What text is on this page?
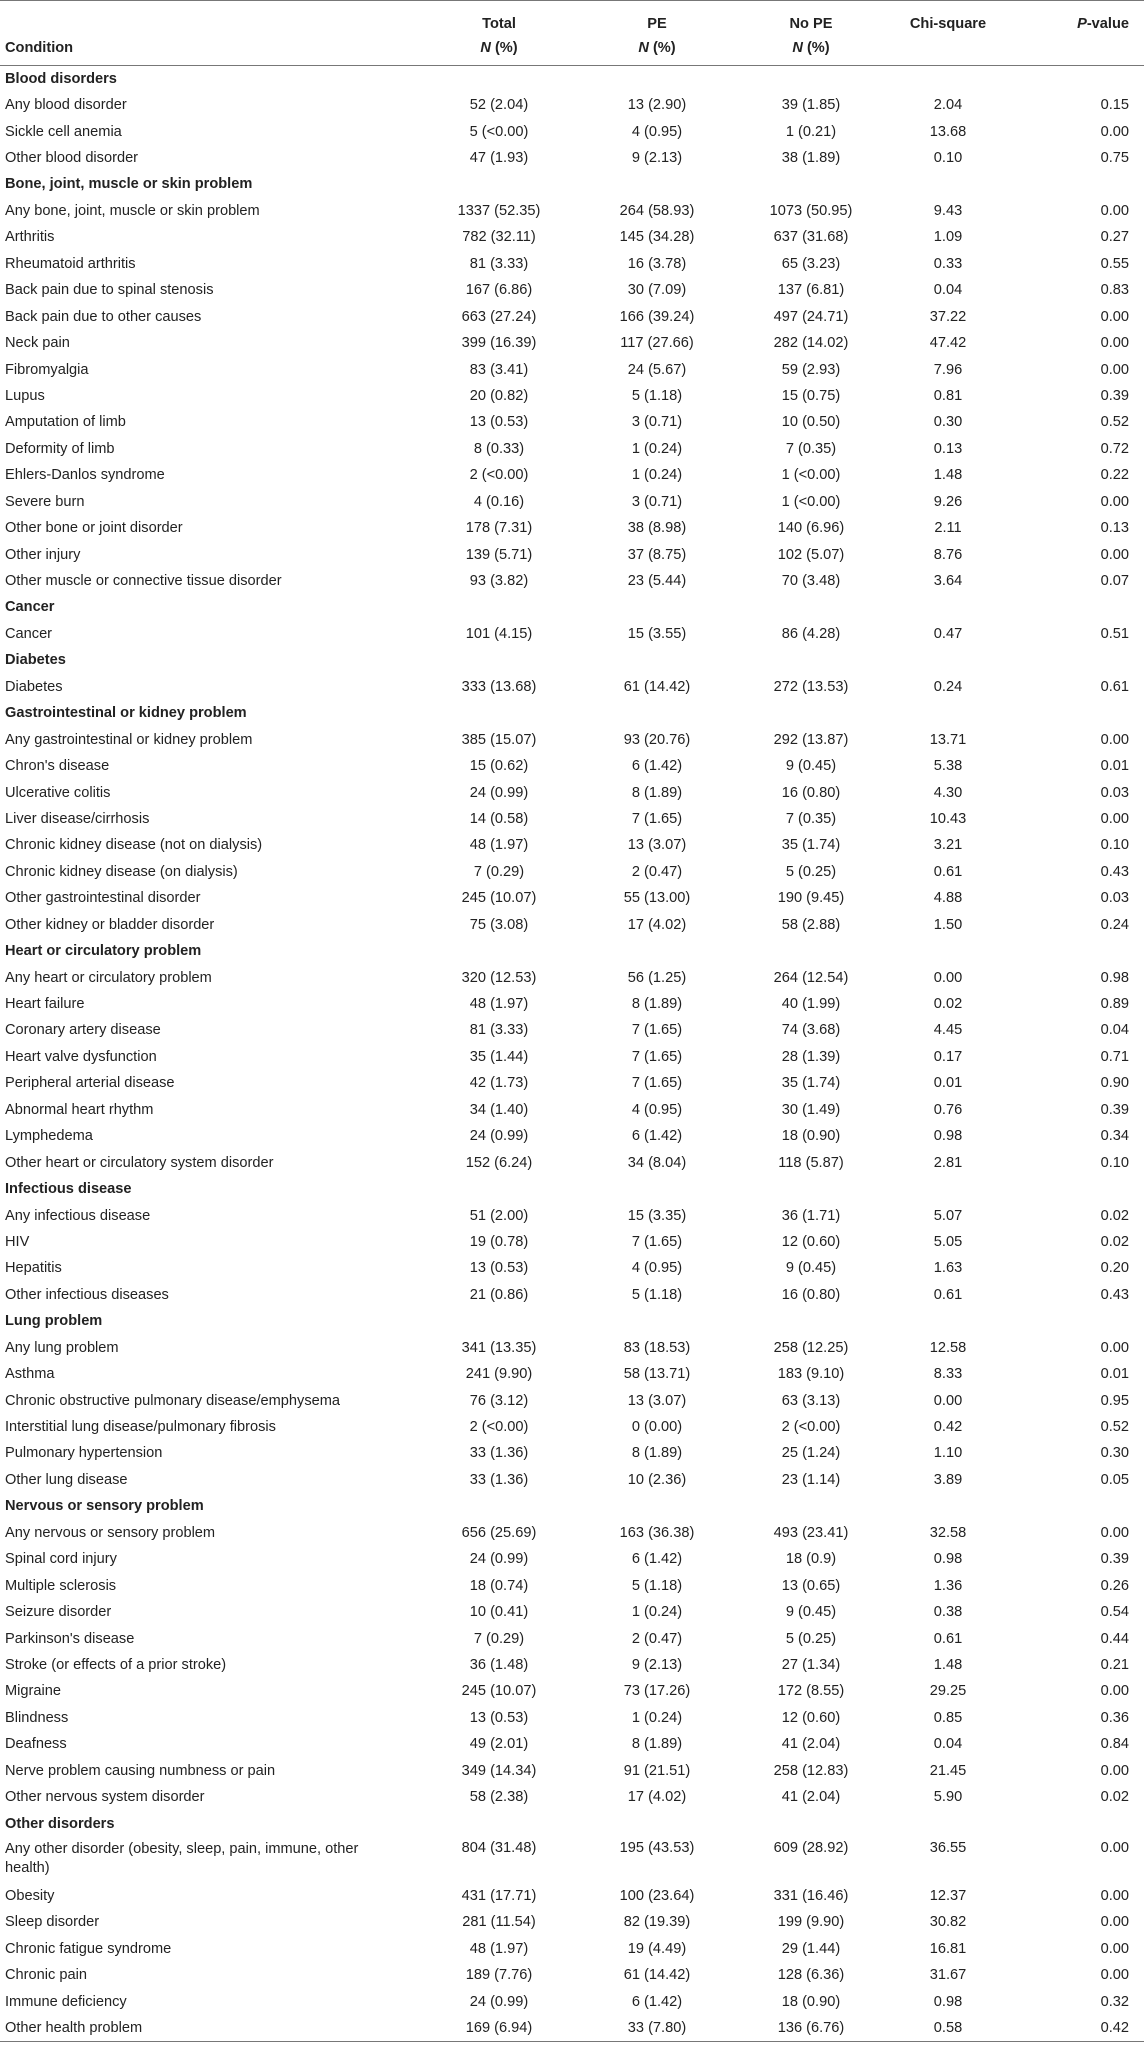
	Total	PE	No PE	Chi-square	P-value
Condition	N (%)	N (%)	N (%)		
Blood disorders					
Any blood disorder	52 (2.04)	13 (2.90)	39 (1.85)	2.04	0.15
Sickle cell anemia	5 (<0.00)	4 (0.95)	1 (0.21)	13.68	0.00
Other blood disorder	47 (1.93)	9 (2.13)	38 (1.89)	0.10	0.75
Bone, joint, muscle or skin problem					
Any bone, joint, muscle or skin problem	1337 (52.35)	264 (58.93)	1073 (50.95)	9.43	0.00
Arthritis	782 (32.11)	145 (34.28)	637 (31.68)	1.09	0.27
Rheumatoid arthritis	81 (3.33)	16 (3.78)	65 (3.23)	0.33	0.55
Back pain due to spinal stenosis	167 (6.86)	30 (7.09)	137 (6.81)	0.04	0.83
Back pain due to other causes	663 (27.24)	166 (39.24)	497 (24.71)	37.22	0.00
Neck pain	399 (16.39)	117 (27.66)	282 (14.02)	47.42	0.00
Fibromyalgia	83 (3.41)	24 (5.67)	59 (2.93)	7.96	0.00
Lupus	20 (0.82)	5 (1.18)	15 (0.75)	0.81	0.39
Amputation of limb	13 (0.53)	3 (0.71)	10 (0.50)	0.30	0.52
Deformity of limb	8 (0.33)	1 (0.24)	7 (0.35)	0.13	0.72
Ehlers-Danlos syndrome	2 (<0.00)	1 (0.24)	1 (<0.00)	1.48	0.22
Severe burn	4 (0.16)	3 (0.71)	1 (<0.00)	9.26	0.00
Other bone or joint disorder	178 (7.31)	38 (8.98)	140 (6.96)	2.11	0.13
Other injury	139 (5.71)	37 (8.75)	102 (5.07)	8.76	0.00
Other muscle or connective tissue disorder	93 (3.82)	23 (5.44)	70 (3.48)	3.64	0.07
Cancer					
Cancer	101 (4.15)	15 (3.55)	86 (4.28)	0.47	0.51
Diabetes					
Diabetes	333 (13.68)	61 (14.42)	272 (13.53)	0.24	0.61
Gastrointestinal or kidney problem					
Any gastrointestinal or kidney problem	385 (15.07)	93 (20.76)	292 (13.87)	13.71	0.00
Chron's disease	15 (0.62)	6 (1.42)	9 (0.45)	5.38	0.01
Ulcerative colitis	24 (0.99)	8 (1.89)	16 (0.80)	4.30	0.03
Liver disease/cirrhosis	14 (0.58)	7 (1.65)	7 (0.35)	10.43	0.00
Chronic kidney disease (not on dialysis)	48 (1.97)	13 (3.07)	35 (1.74)	3.21	0.10
Chronic kidney disease (on dialysis)	7 (0.29)	2 (0.47)	5 (0.25)	0.61	0.43
Other gastrointestinal disorder	245 (10.07)	55 (13.00)	190 (9.45)	4.88	0.03
Other kidney or bladder disorder	75 (3.08)	17 (4.02)	58 (2.88)	1.50	0.24
Heart or circulatory problem					
Any heart or circulatory problem	320 (12.53)	56 (1.25)	264 (12.54)	0.00	0.98
Heart failure	48 (1.97)	8 (1.89)	40 (1.99)	0.02	0.89
Coronary artery disease	81 (3.33)	7 (1.65)	74 (3.68)	4.45	0.04
Heart valve dysfunction	35 (1.44)	7 (1.65)	28 (1.39)	0.17	0.71
Peripheral arterial disease	42 (1.73)	7 (1.65)	35 (1.74)	0.01	0.90
Abnormal heart rhythm	34 (1.40)	4 (0.95)	30 (1.49)	0.76	0.39
Lymphedema	24 (0.99)	6 (1.42)	18 (0.90)	0.98	0.34
Other heart or circulatory system disorder	152 (6.24)	34 (8.04)	118 (5.87)	2.81	0.10
Infectious disease					
Any infectious disease	51 (2.00)	15 (3.35)	36 (1.71)	5.07	0.02
HIV	19 (0.78)	7 (1.65)	12 (0.60)	5.05	0.02
Hepatitis	13 (0.53)	4 (0.95)	9 (0.45)	1.63	0.20
Other infectious diseases	21 (0.86)	5 (1.18)	16 (0.80)	0.61	0.43
Lung problem					
Any lung problem	341 (13.35)	83 (18.53)	258 (12.25)	12.58	0.00
Asthma	241 (9.90)	58 (13.71)	183 (9.10)	8.33	0.01
Chronic obstructive pulmonary disease/emphysema	76 (3.12)	13 (3.07)	63 (3.13)	0.00	0.95
Interstitial lung disease/pulmonary fibrosis	2 (<0.00)	0 (0.00)	2 (<0.00)	0.42	0.52
Pulmonary hypertension	33 (1.36)	8 (1.89)	25 (1.24)	1.10	0.30
Other lung disease	33 (1.36)	10 (2.36)	23 (1.14)	3.89	0.05
Nervous or sensory problem					
Any nervous or sensory problem	656 (25.69)	163 (36.38)	493 (23.41)	32.58	0.00
Spinal cord injury	24 (0.99)	6 (1.42)	18 (0.9)	0.98	0.39
Multiple sclerosis	18 (0.74)	5 (1.18)	13 (0.65)	1.36	0.26
Seizure disorder	10 (0.41)	1 (0.24)	9 (0.45)	0.38	0.54
Parkinson's disease	7 (0.29)	2 (0.47)	5 (0.25)	0.61	0.44
Stroke (or effects of a prior stroke)	36 (1.48)	9 (2.13)	27 (1.34)	1.48	0.21
Migraine	245 (10.07)	73 (17.26)	172 (8.55)	29.25	0.00
Blindness	13 (0.53)	1 (0.24)	12 (0.60)	0.85	0.36
Deafness	49 (2.01)	8 (1.89)	41 (2.04)	0.04	0.84
Nerve problem causing numbness or pain	349 (14.34)	91 (21.51)	258 (12.83)	21.45	0.00
Other nervous system disorder	58 (2.38)	17 (4.02)	41 (2.04)	5.90	0.02
Other disorders					
Any other disorder (obesity, sleep, pain, immune, other health)	804 (31.48)	195 (43.53)	609 (28.92)	36.55	0.00
Obesity	431 (17.71)	100 (23.64)	331 (16.46)	12.37	0.00
Sleep disorder	281 (11.54)	82 (19.39)	199 (9.90)	30.82	0.00
Chronic fatigue syndrome	48 (1.97)	19 (4.49)	29 (1.44)	16.81	0.00
Chronic pain	189 (7.76)	61 (14.42)	128 (6.36)	31.67	0.00
Immune deficiency	24 (0.99)	6 (1.42)	18 (0.90)	0.98	0.32
Other health problem	169 (6.94)	33 (7.80)	136 (6.76)	0.58	0.42
